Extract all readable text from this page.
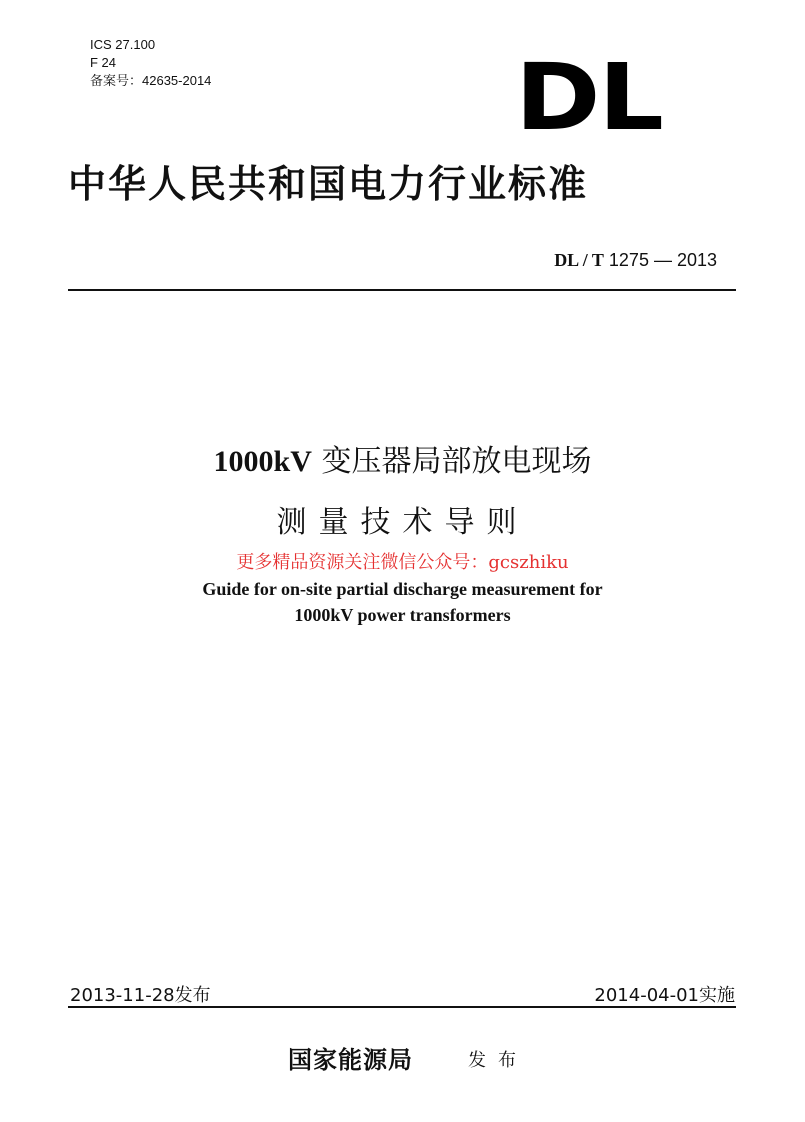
ICS 27.100
F 24
备案号：42635-2014	DL
中华人民共和国电力行业标准
DL / T 1275 — 2013
1000kV 变压器局部放电现场
测量技术导则
更多精品资源关注微信公众号：gcszhiku
Guide for on-site partial discharge measurement for
1000kV power transformers
2013-11-28发布	2014-04-01实施
国家能源局	发布
